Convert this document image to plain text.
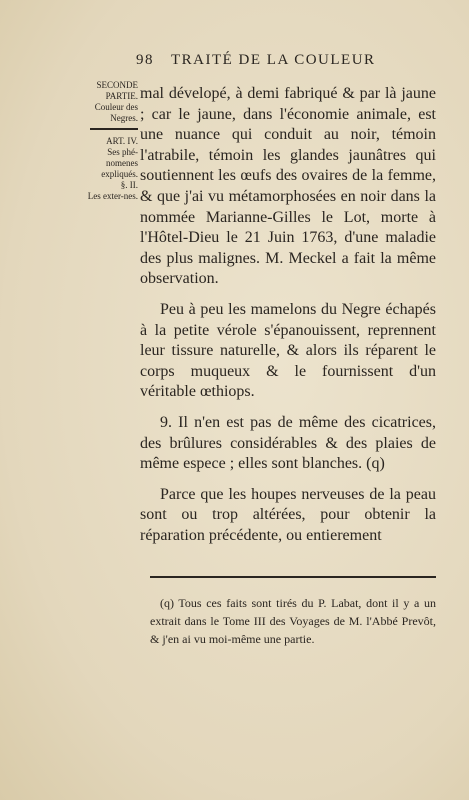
98 TRAITÉ DE LA COULEUR

SECONDE PARTIE.

Couleur des Negres.

ART. IV.

Ses phé-nomenes expliqués.

§. II.

Les exter-nes.

mal dévelopé, à demi fabriqué & par là jaune ; car le jaune, dans l'économie animale, est une nuance qui conduit au noir, témoin l'atrabile, témoin les glandes jaunâtres qui soutiennent les œufs des ovaires de la femme, & que j'ai vu métamorphosées en noir dans la nommée Marianne-Gilles le Lot, morte à l'Hôtel-Dieu le 21 Juin 1763, d'une maladie des plus malignes. M. Meckel a fait la même observation.

Peu à peu les mamelons du Negre échapés à la petite vérole s'épanouissent, reprennent leur tissure naturelle, & alors ils réparent le corps muqueux & le fournissent d'un véritable œthiops.

9. Il n'en est pas de même des cicatrices, des brûlures considérables & des plaies de même espece ; elles sont blanches. (q)

Parce que les houpes nerveuses de la peau sont ou trop altérées, pour obtenir la réparation précédente, ou entierement

(q) Tous ces faits sont tirés du P. Labat, dont il y a un extrait dans le Tome III des Voyages de M. l'Abbé Prevôt, & j'en ai vu moi-même une partie.
